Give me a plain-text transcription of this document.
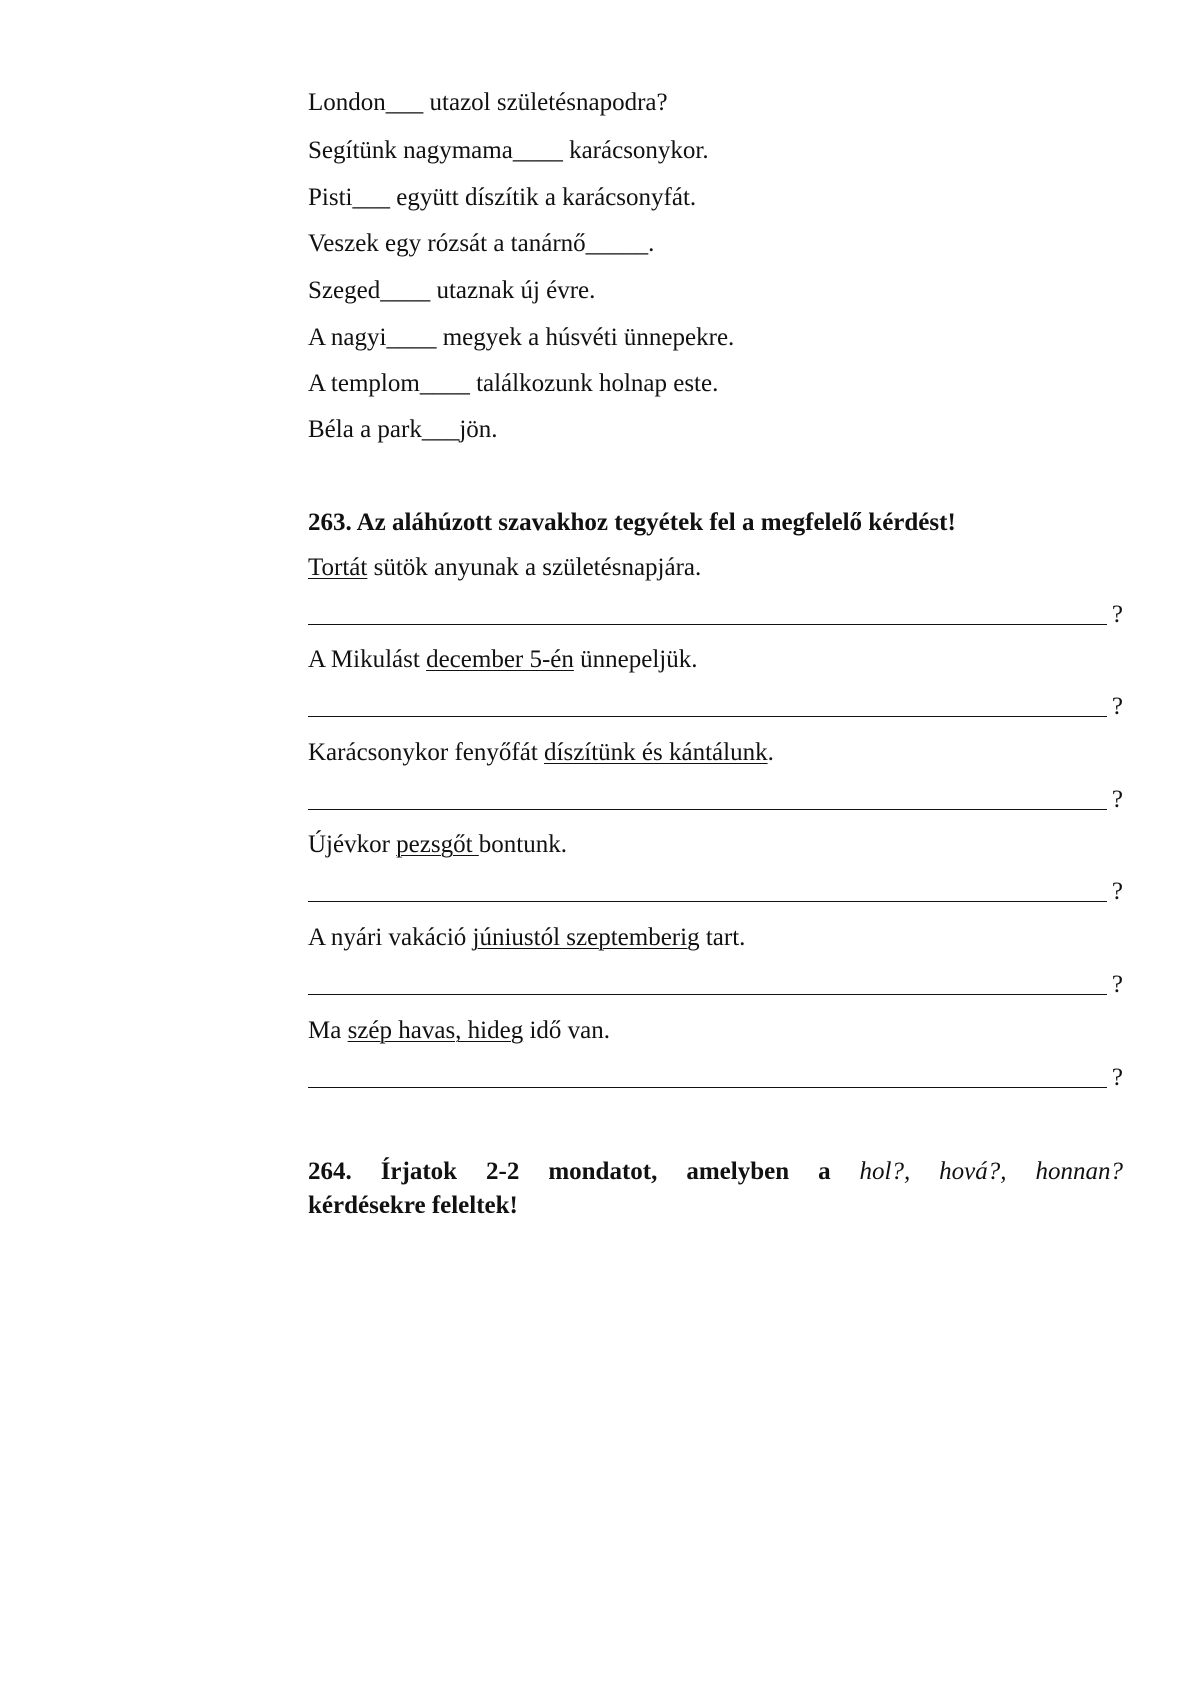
London___ utazol születésnapodra?
Segítünk nagymama____ karácsonykor.
Pisti___ együtt díszítik a karácsonyfát.
Veszek egy rózsát a tanárnő_____.
Szeged____ utaznak új évre.
A nagyi____ megyek a húsvéti ünnepekre.
A templom____ találkozunk holnap este.
Béla a park___jön.
263. Az aláhúzott szavakhoz tegyétek fel a megfelelő kérdést!
Tortát sütök anyunak a születésnapjára.
?
A Mikulást december 5-én ünnepeljük.
?
Karácsonykor fenyőfát díszítünk és kántálunk.
?
Újévkor pezsgőt bontunk.
?
A nyári vakáció júniustól szeptemberig tart.
?
Ma szép havas, hideg idő van.
?
264. Írjatok 2-2 mondatot, amelyben a hol?, hová?, honnan?
kérdésekre feleltek!
